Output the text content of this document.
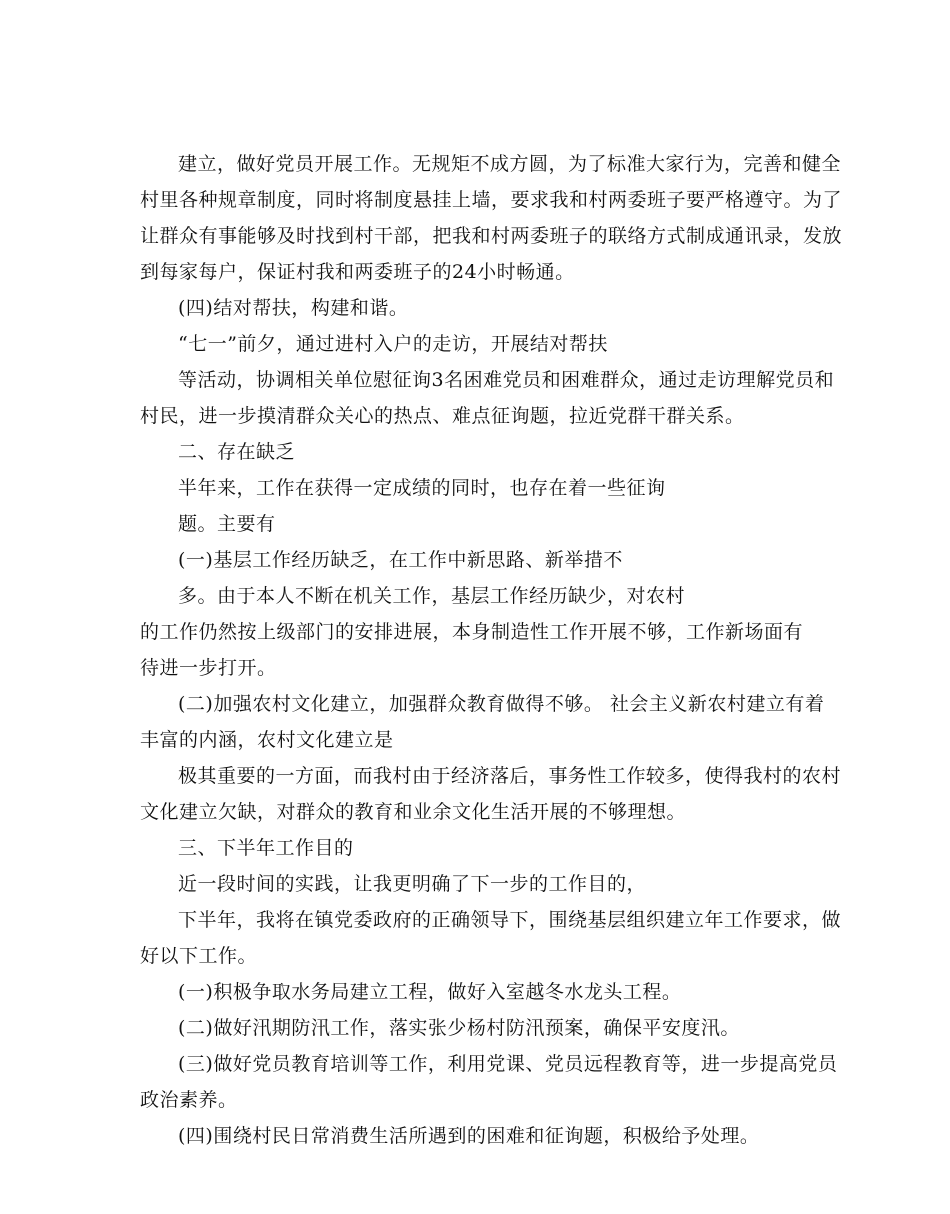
建立，做好党员开展工作。无规矩不成方圆，为了标准大家行为，完善和健全
村里各种规章制度，同时将制度悬挂上墙，要求我和村两委班子要严格遵守。为了
让群众有事能够及时找到村干部，把我和村两委班子的联络方式制成通讯录，发放
到每家每户，保证村我和两委班子的24小时畅通。
(四)结对帮扶，构建和谐。
“七一”前夕，通过进村入户的走访，开展结对帮扶
等活动，协调相关单位慰征询3名困难党员和困难群众，通过走访理解党员和
村民，进一步摸清群众关心的热点、难点征询题，拉近党群干群关系。
二、存在缺乏
半年来，工作在获得一定成绩的同时，也存在着一些征询
题。主要有
(一)基层工作经历缺乏，在工作中新思路、新举措不
多。由于本人不断在机关工作，基层工作经历缺少，对农村
的工作仍然按上级部门的安排进展，本身制造性工作开展不够，工作新场面有
待进一步打开。
(二)加强农村文化建立，加强群众教育做得不够。 社会主义新农村建立有着
丰富的内涵，农村文化建立是
极其重要的一方面，而我村由于经济落后，事务性工作较多，使得我村的农村
文化建立欠缺，对群众的教育和业余文化生活开展的不够理想。
三、下半年工作目的
近一段时间的实践，让我更明确了下一步的工作目的，
下半年，我将在镇党委政府的正确领导下，围绕基层组织建立年工作要求，做
好以下工作。
(一)积极争取水务局建立工程，做好入室越冬水龙头工程。
(二)做好汛期防汛工作，落实张少杨村防汛预案，确保平安度汛。
(三)做好党员教育培训等工作，利用党课、党员远程教育等，进一步提高党员
政治素养。
(四)围绕村民日常消费生活所遇到的困难和征询题，积极给予处理。
